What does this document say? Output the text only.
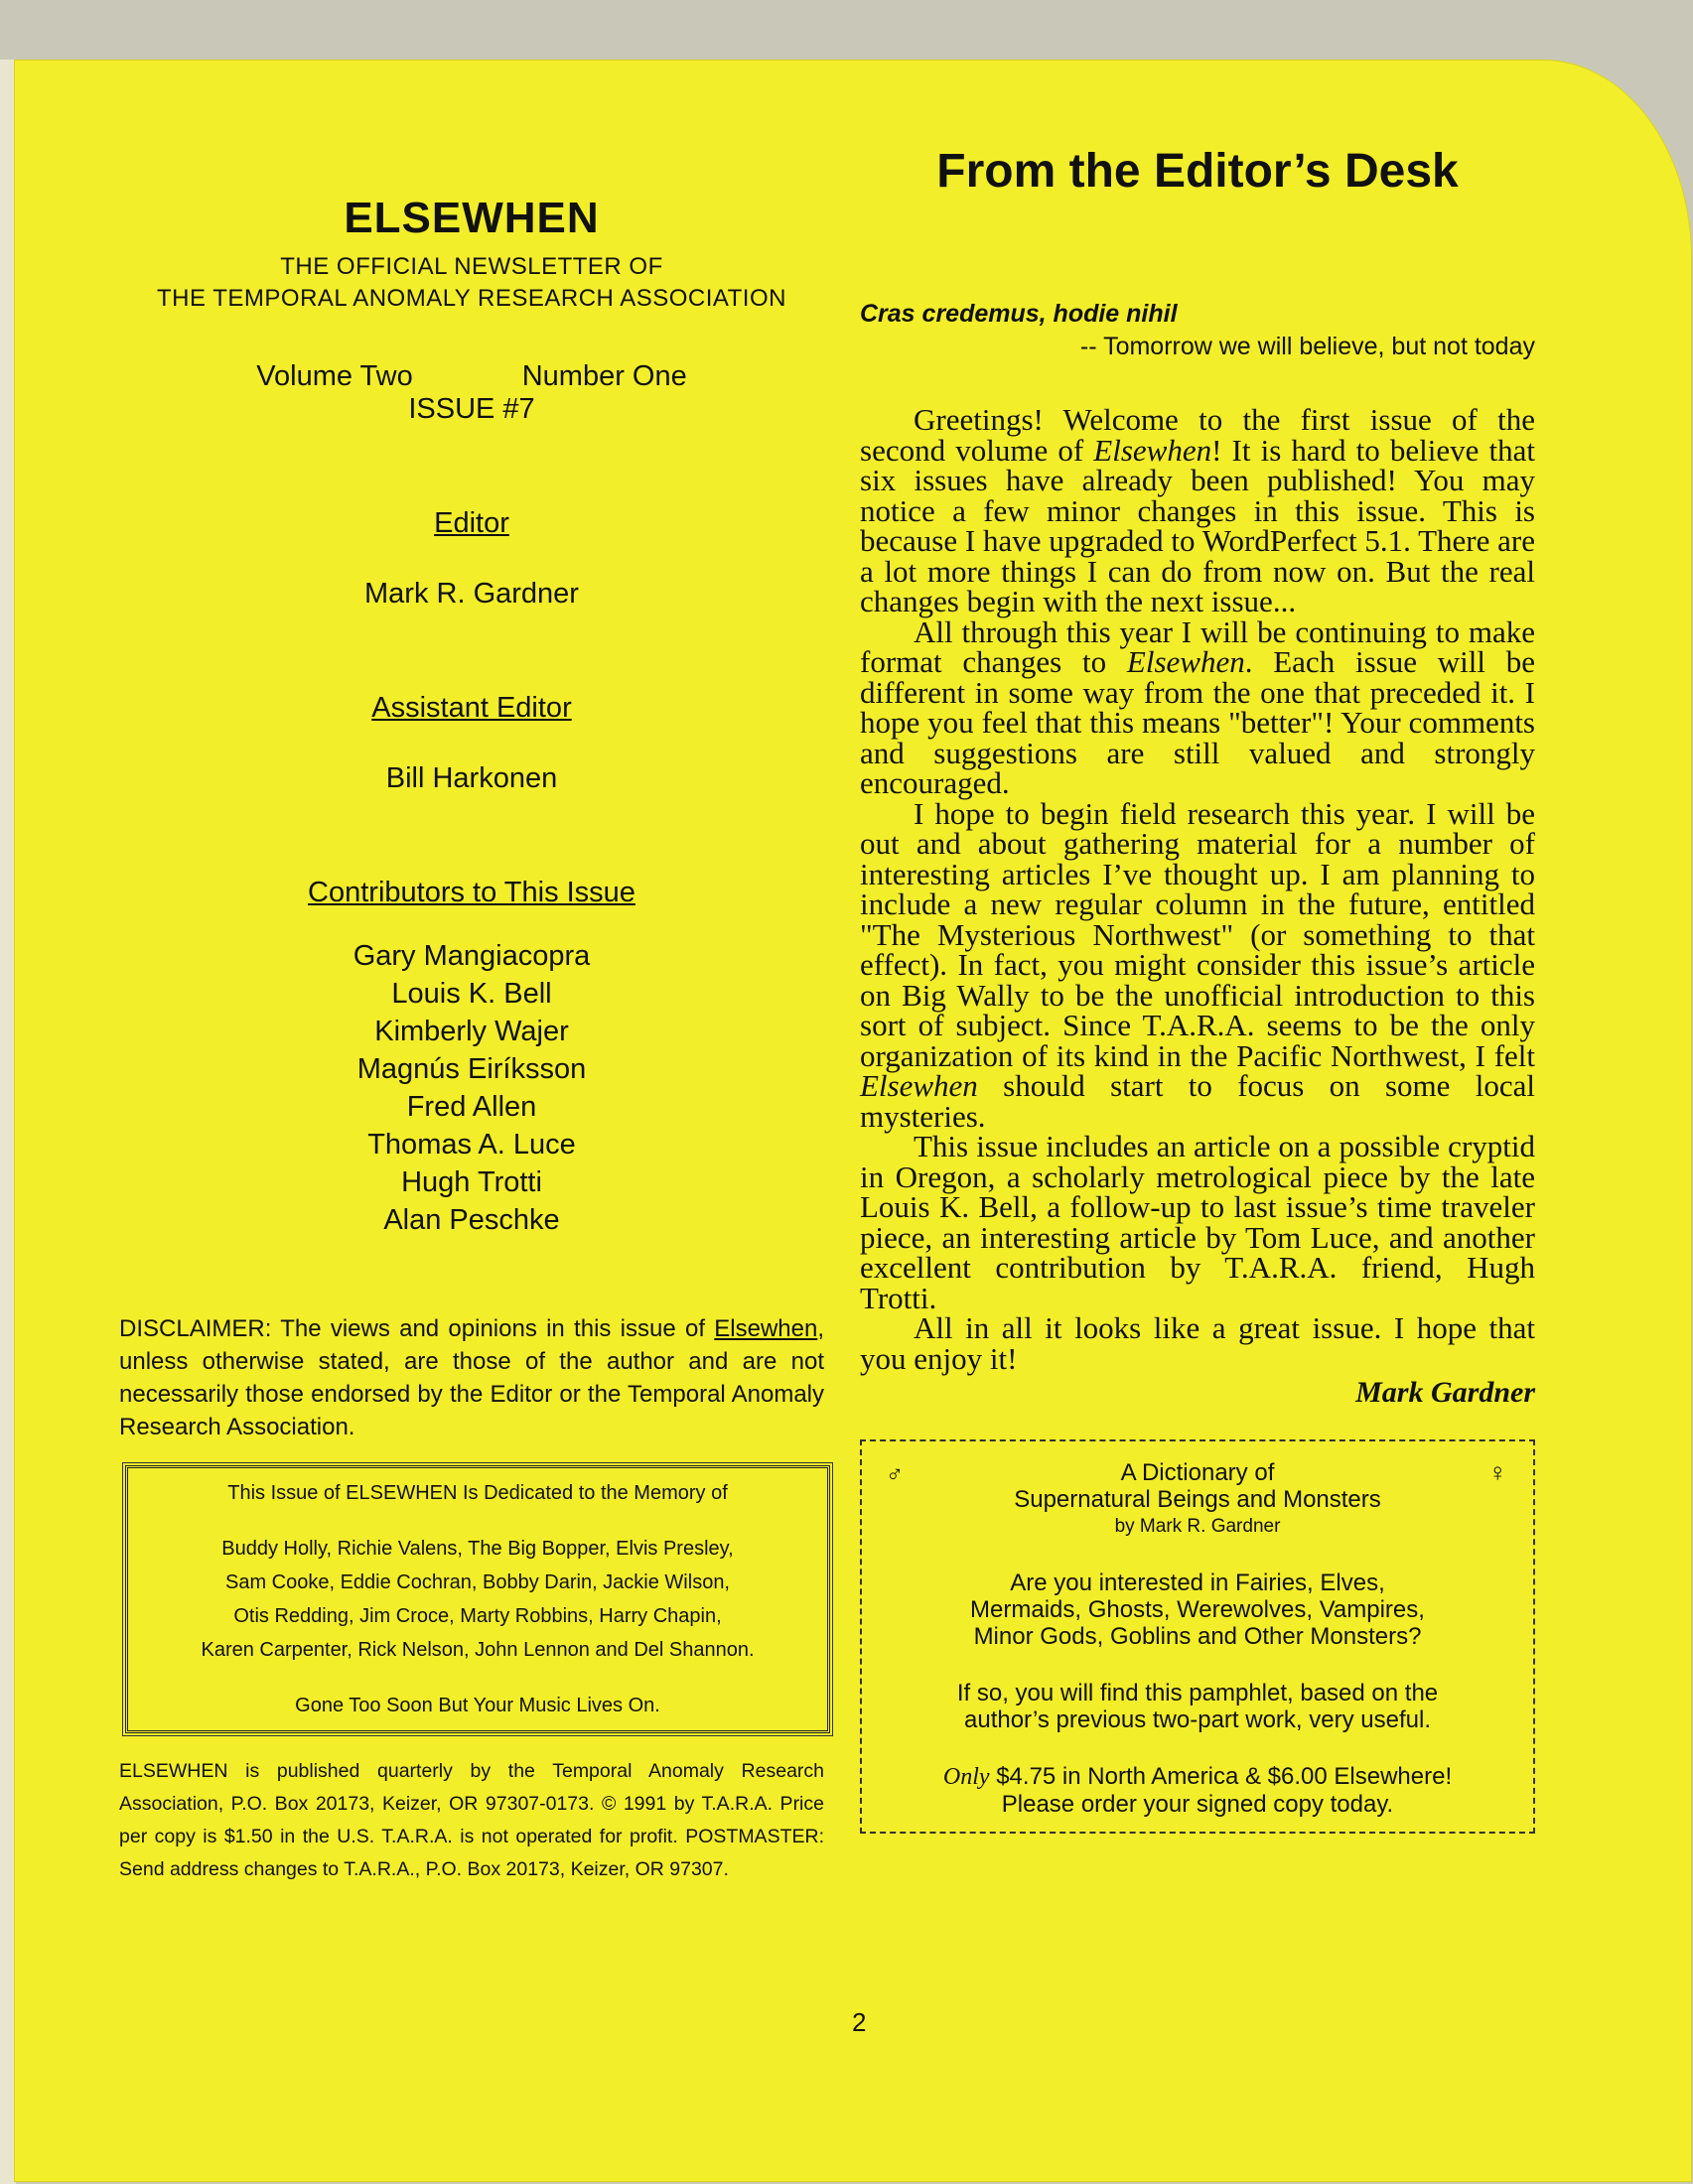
ELSEWHEN
THE OFFICIAL NEWSLETTER OF
THE TEMPORAL ANOMALY RESEARCH ASSOCIATION
Volume Two	Number One
ISSUE #7
Editor
Mark R. Gardner
Assistant Editor
Bill Harkonen
Contributors to This Issue
Gary Mangiacopra
Louis K. Bell
Kimberly Wajer
Magnús Eiríksson
Fred Allen
Thomas A. Luce
Hugh Trotti
Alan Peschke
DISCLAIMER: The views and opinions in this issue of Elsewhen, unless otherwise stated, are those of the author and are not necessarily those endorsed by the Editor or the Temporal Anomaly Research Association.
This Issue of ELSEWHEN Is Dedicated to the Memory of
Buddy Holly, Richie Valens, The Big Bopper, Elvis Presley,
Sam Cooke, Eddie Cochran, Bobby Darin, Jackie Wilson,
Otis Redding, Jim Croce, Marty Robbins, Harry Chapin,
Karen Carpenter, Rick Nelson, John Lennon and Del Shannon.
Gone Too Soon But Your Music Lives On.
ELSEWHEN is published quarterly by the Temporal Anomaly Research Association, P.O. Box 20173, Keizer, OR 97307-0173. © 1991 by T.A.R.A. Price per copy is $1.50 in the U.S. T.A.R.A. is not operated for profit. POSTMASTER: Send address changes to T.A.R.A., P.O. Box 20173, Keizer, OR 97307.
From the Editor’s Desk
Cras credemus, hodie nihil
-- Tomorrow we will believe, but not today

Greetings! Welcome to the first issue of the second volume of Elsewhen! It is hard to believe that six issues have already been published! You may notice a few minor changes in this issue. This is because I have upgraded to WordPerfect 5.1. There are a lot more things I can do from now on. But the real changes begin with the next issue...

All through this year I will be continuing to make format changes to Elsewhen. Each issue will be different in some way from the one that preceded it. I hope you feel that this means "better"! Your comments and suggestions are still valued and strongly encouraged.

I hope to begin field research this year. I will be out and about gathering material for a number of interesting articles I’ve thought up. I am planning to include a new regular column in the future, entitled "The Mysterious Northwest" (or something to that effect). In fact, you might consider this issue’s article on Big Wally to be the unofficial introduction to this sort of subject. Since T.A.R.A. seems to be the only organization of its kind in the Pacific Northwest, I felt Elsewhen should start to focus on some local mysteries.

This issue includes an article on a possible cryptid in Oregon, a scholarly metrological piece by the late Louis K. Bell, a follow-up to last issue’s time traveler piece, an interesting article by Tom Luce, and another excellent contribution by T.A.R.A. friend, Hugh Trotti.

All in all it looks like a great issue. I hope that you enjoy it!

Mark Gardner
♂	♀
A Dictionary of
Supernatural Beings and Monsters
by Mark R. Gardner
Are you interested in Fairies, Elves,
Mermaids, Ghosts, Werewolves, Vampires,
Minor Gods, Goblins and Other Monsters?
If so, you will find this pamphlet, based on the
author’s previous two-part work, very useful.
Only $4.75 in North America & $6.00 Elsewhere!
Please order your signed copy today.
2
